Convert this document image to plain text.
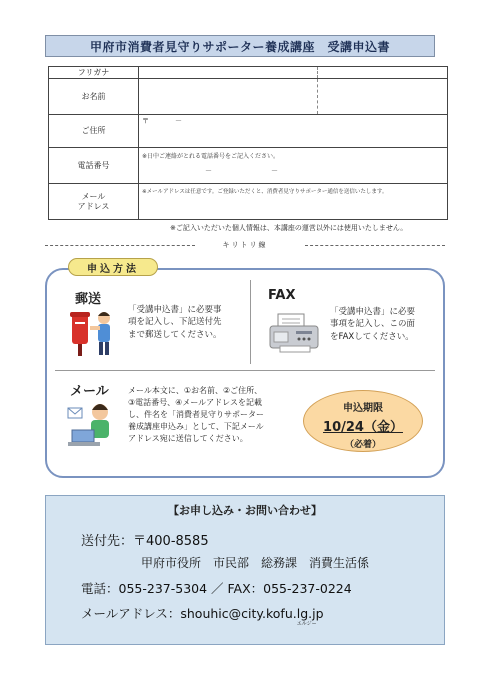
甲府市消費者見守りサポーター養成講座　受講申込書
フリガナ
お名前
ご住所
〒	－
電話番号
※日中ご連絡がとれる電話番号をご記入ください。
－	－
メール
アドレス
※メールアドレスは任意です。ご登録いただくと、消費者見守りサポーター通信を送信いたします。
※ご記入いただいた個人情報は、本講座の運営以外には使用いたしません。
キリトリ線
申込方法
郵送
「受講申込書」に必要事
項を記入し、下記送付先
まで郵送してください。
FAX
「受講申込書」に必要
事項を記入し、この面
をFAXしてください。
メール メール本文に、①お名前、②ご住所、
③電話番号、④メールアドレスを記載
し、件名を「消費者見守りサポーター
養成講座申込み」として、下記メール
アドレス宛に送信してください。
申込期限
10/24（金）
（必着）
【お申し込み・お問い合わせ】
送付先：〒400-8585
甲府市役所　市民部　総務課　消費生活係
電話：055-237-5304 ／ FAX：055-237-0224
メールアドレス：shouhic@city.kofu.lg
エルジー
.jp
